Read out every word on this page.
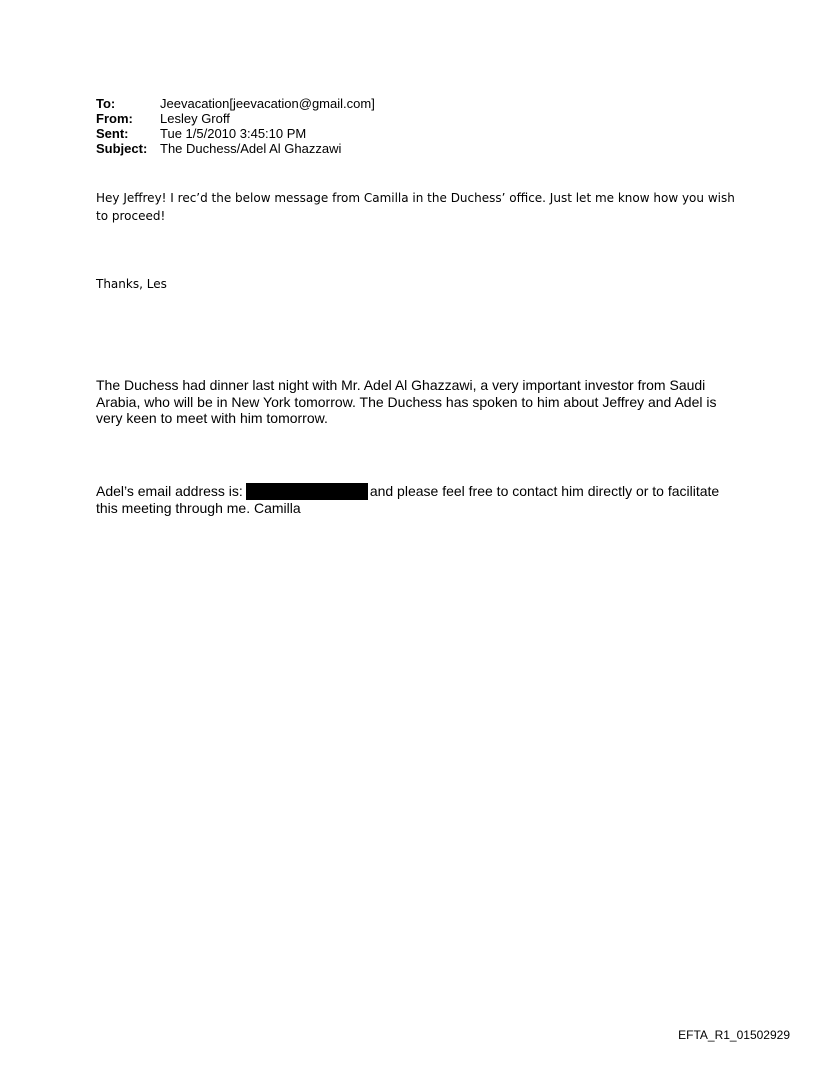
To:	Jeevacation[jeevacation@gmail.com]
From:	Lesley Groff
Sent:	Tue 1/5/2010 3:45:10 PM
Subject: The Duchess/Adel Al Ghazzawi
Hey Jeffrey! I rec’d the below message from Camilla in the Duchess’ office. Just let me know how you wish to proceed!
Thanks, Les
The Duchess had dinner last night with Mr. Adel Al Ghazzawi, a very important investor from Saudi Arabia, who will be in New York tomorrow. The Duchess has spoken to him about Jeffrey and Adel is very keen to meet with him tomorrow.
Adel’s email address is:	and please feel free to contact him directly or to facilitate this meeting through me. Camilla
EFTA_R1_01502929
